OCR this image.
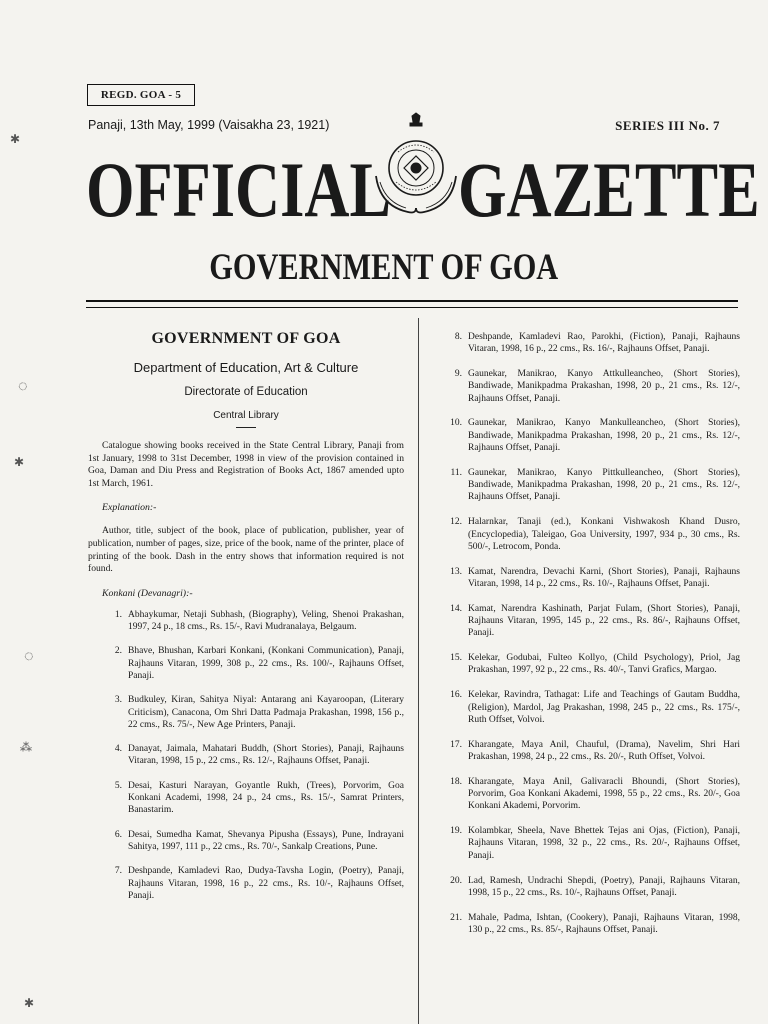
REGD. GOA - 5
Panaji, 13th May, 1999 (Vaisakha 23, 1921)	SERIES III No. 7
OFFICIAL GAZETTE
GOVERNMENT OF GOA
GOVERNMENT OF GOA
Department of Education, Art & Culture
Directorate of Education
Central Library

Catalogue showing books received in the State Central Library, Panaji from 1st January, 1998 to 31st December, 1998 in view of the provision contained in Goa, Daman and Diu Press and Registration of Books Act, 1867 amended upto 1st March, 1961.

Explanation:-

Author, title, subject of the book, place of publication, publisher, year of publication, number of pages, size, price of the book, name of the printer, place of printing of the book. Dash in the entry shows that information required is not found.

Konkani (Devanagri):-

1. Abhaykumar, Netaji Subhash, (Biography), Veling, Shenoi Prakashan, 1997, 24 p., 18 cms., Rs. 15/-, Ravi Mudranalaya, Belgaum.
2. Bhave, Bhushan, Karbari Konkani, (Konkani Communication), Panaji, Rajhauns Vitaran, 1999, 308 p., 22 cms., Rs. 100/-, Rajhauns Offset, Panaji.
3. Budkuley, Kiran, Sahitya Niyal: Antarang ani Kayaroopan, (Literary Criticism), Canacona, Om Shri Datta Padmaja Prakashan, 1998, 156 p., 22 cms., Rs. 75/-, New Age Printers, Panaji.
4. Danayat, Jaimala, Mahatari Buddh, (Short Stories), Panaji, Rajhauns Vitaran, 1998, 15 p., 22 cms., Rs. 12/-, Rajhauns Offset, Panaji.
5. Desai, Kasturi Narayan, Goyantle Rukh, (Trees), Porvorim, Goa Konkani Academi, 1998, 24 p., 24 cms., Rs. 15/-, Samrat Printers, Banastarim.
6. Desai, Sumedha Kamat, Shevanya Pipusha (Essays), Pune, Indrayani Sahitya, 1997, 111 p., 22 cms., Rs. 70/-, Sankalp Creations, Pune.
7. Deshpande, Kamladevi Rao, Dudya-Tavsha Login, (Poetry), Panaji, Rajhauns Vitaran, 1998, 16 p., 22 cms., Rs. 10/-, Rajhauns Offset, Panaji.
8. Deshpande, Kamladevi Rao, Parokhi, (Fiction), Panaji, Rajhauns Vitaran, 1998, 16 p., 22 cms., Rs. 16/-, Rajhauns Offset, Panaji.
9. Gaunekar, Manikrao, Kanyo Attkulleancheo, (Short Stories), Bandiwade, Manikpadma Prakashan, 1998, 20 p., 21 cms., Rs. 12/-, Rajhauns Offset, Panaji.
10. Gaunekar, Manikrao, Kanyo Mankulleancheo, (Short Stories), Bandiwade, Manikpadma Prakashan, 1998, 20 p., 21 cms., Rs. 12/-, Rajhauns Offset, Panaji.
11. Gaunekar, Manikrao, Kanyo Pittkulleancheo, (Short Stories), Bandiwade, Manikpadma Prakashan, 1998, 20 p., 21 cms., Rs. 12/-, Rajhauns Offset, Panaji.
12. Halarnkar, Tanaji (ed.), Konkani Vishwakosh Khand Dusro, (Encyclopedia), Taleigao, Goa University, 1997, 934 p., 30 cms., Rs. 500/-, Letrocom, Ponda.
13. Kamat, Narendra, Devachi Karni, (Short Stories), Panaji, Rajhauns Vitaran, 1998, 14 p., 22 cms., Rs. 10/-, Rajhauns Offset, Panaji.
14. Kamat, Narendra Kashinath, Parjat Fulam, (Short Stories), Panaji, Rajhauns Vitaran, 1995, 145 p., 22 cms., Rs. 86/-, Rajhauns Offset, Panaji.
15. Kelekar, Godubai, Fulteo Kollyo, (Child Psychology), Priol, Jag Prakashan, 1997, 92 p., 22 cms., Rs. 40/-, Tanvi Grafics, Margao.
16. Kelekar, Ravindra, Tathagat: Life and Teachings of Gautam Buddha, (Religion), Mardol, Jag Prakashan, 1998, 245 p., 22 cms., Rs. 175/-, Ruth Offset, Volvoi.
17. Kharangate, Maya Anil, Chauful, (Drama), Navelim, Shri Hari Prakashan, 1998, 24 p., 22 cms., Rs. 20/-, Ruth Offset, Volvoi.
18. Kharangate, Maya Anil, Galivaracli Bhoundi, (Short Stories), Porvorim, Goa Konkani Akademi, 1998, 55 p., 22 cms., Rs. 20/-, Goa Konkani Akademi, Porvorim.
19. Kolambkar, Sheela, Nave Bhettek Tejas ani Ojas, (Fiction), Panaji, Rajhauns Vitaran, 1998, 32 p., 22 cms., Rs. 20/-, Rajhauns Offset, Panaji.
20. Lad, Ramesh, Undrachi Shepdi, (Poetry), Panaji, Rajhauns Vitaran, 1998, 15 p., 22 cms., Rs. 10/-, Rajhauns Offset, Panaji.
21. Mahale, Padma, Ishtan, (Cookery), Panaji, Rajhauns Vitaran, 1998, 130 p., 22 cms., Rs. 85/-, Rajhauns Offset, Panaji.
✱
◌
✱
◌
⁂
✱
